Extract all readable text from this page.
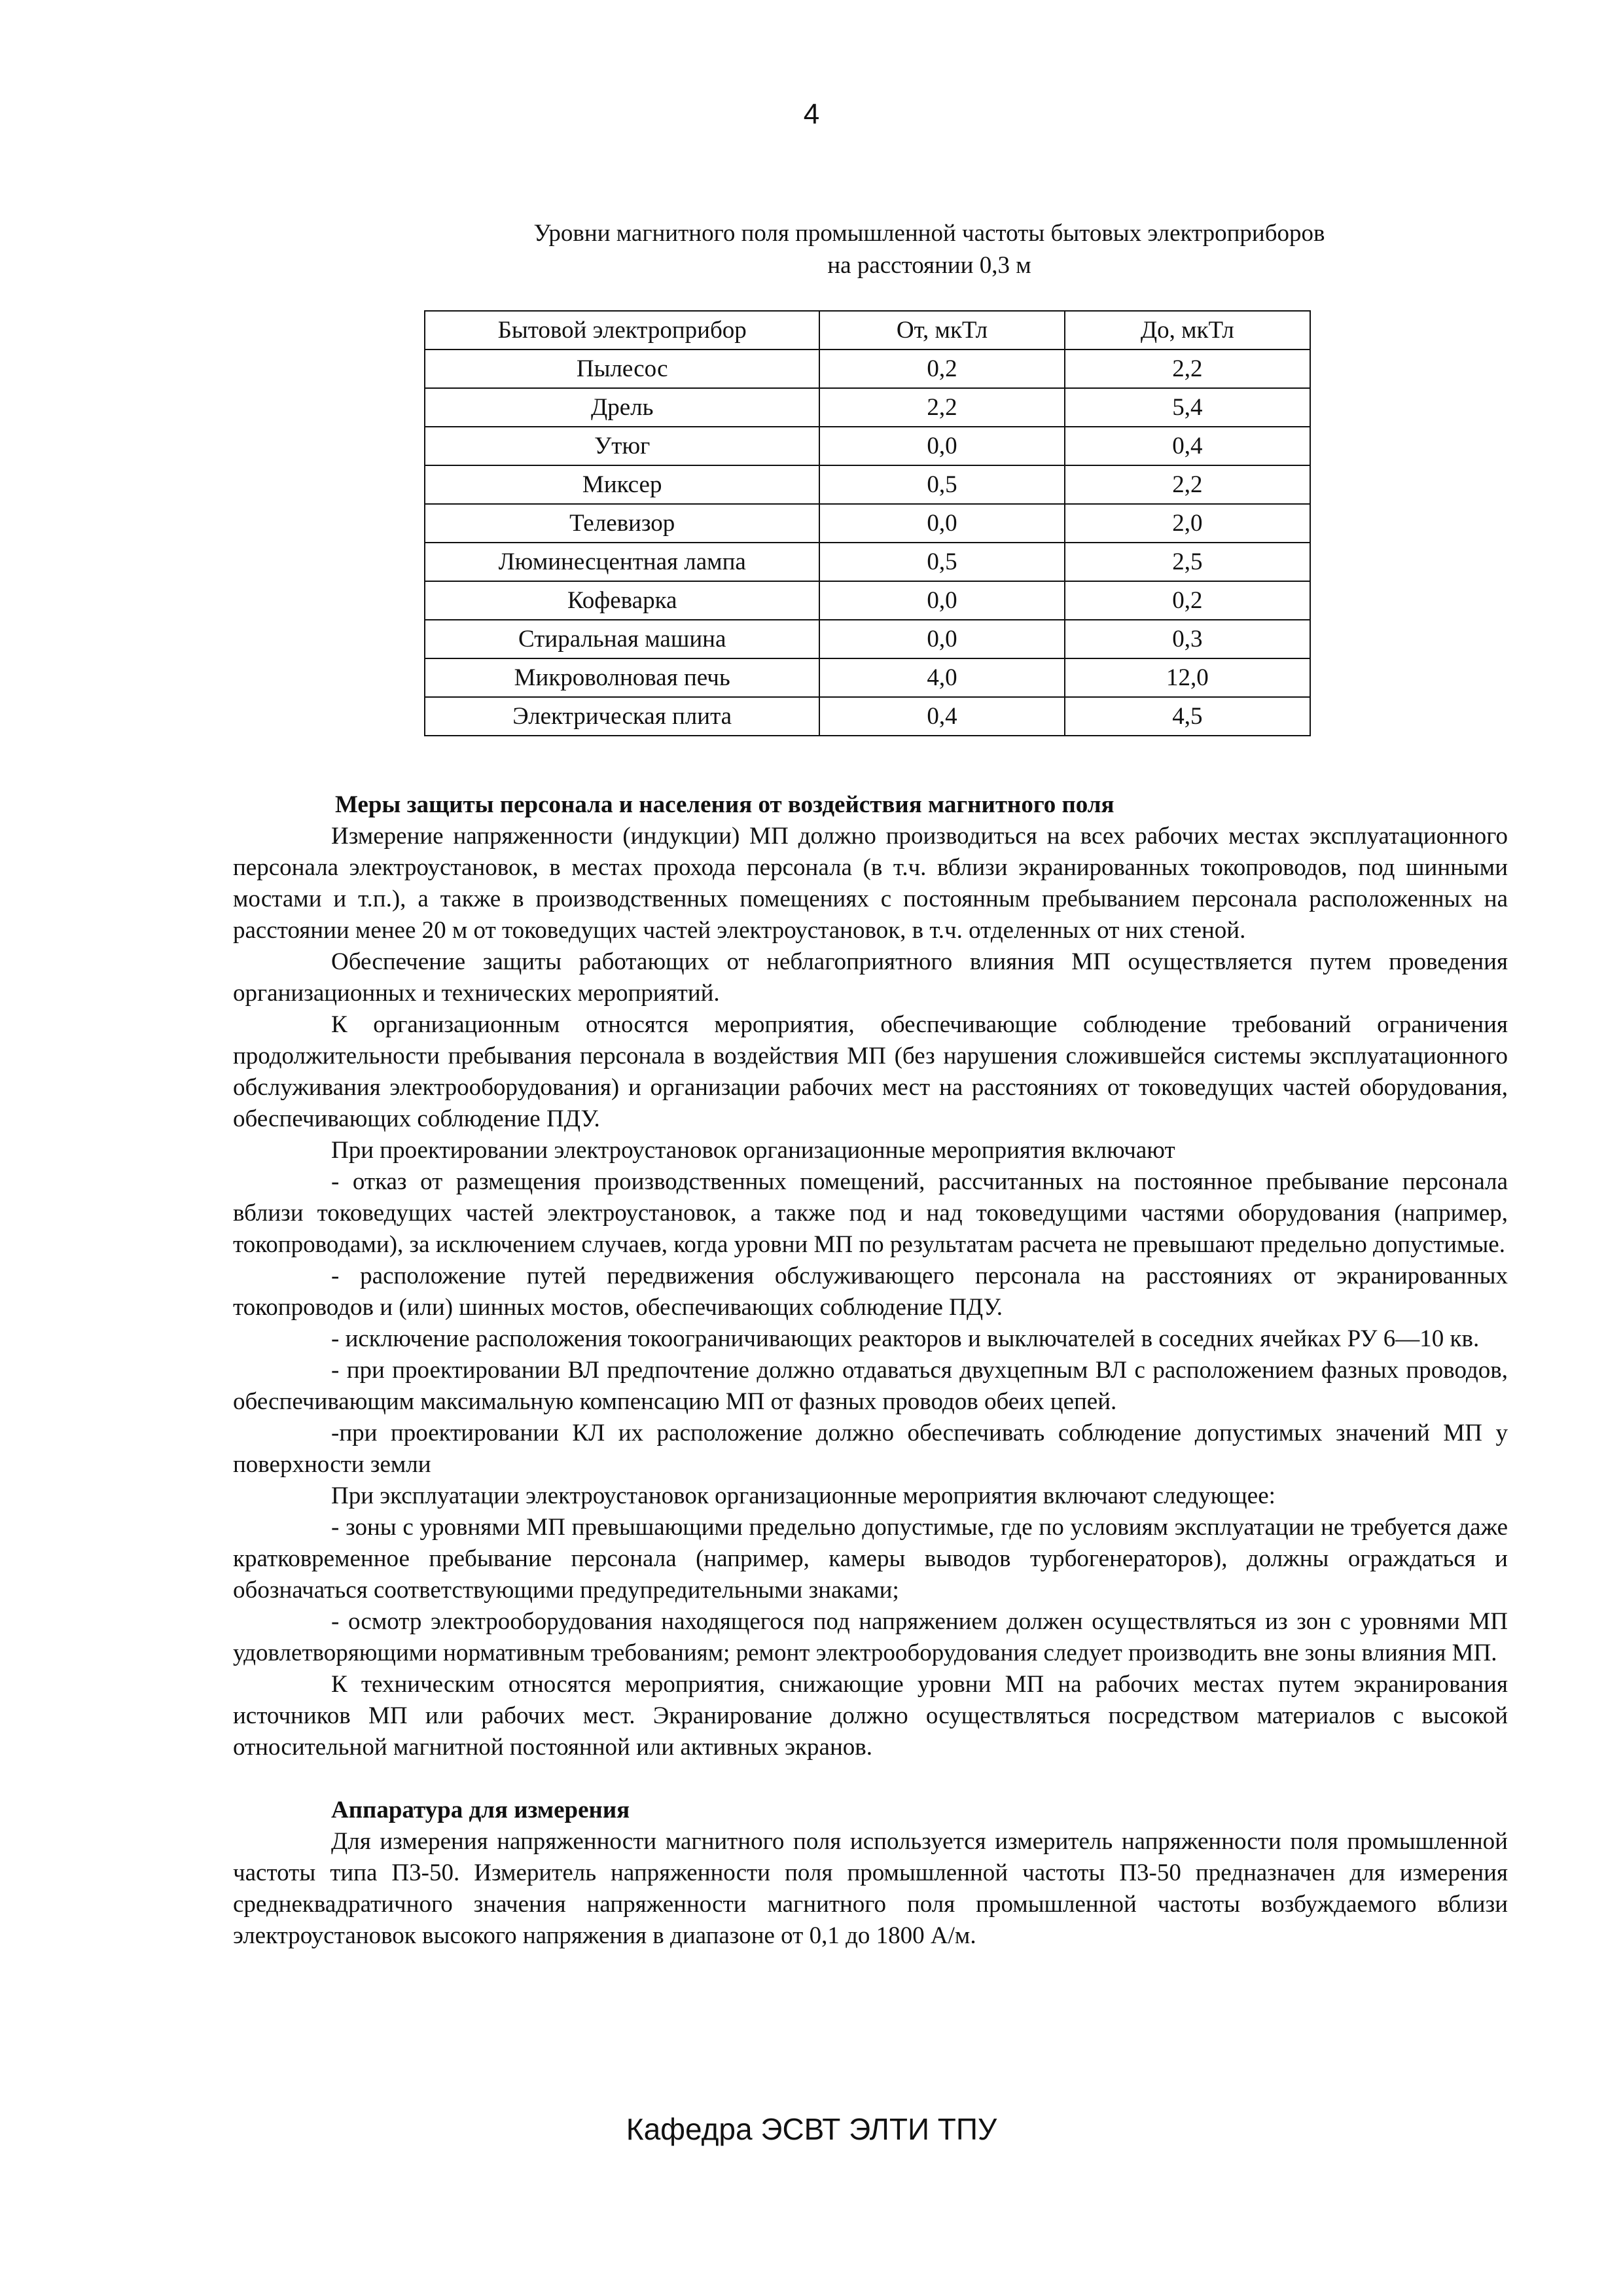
4
Уровни магнитного поля промышленной частоты бытовых электроприборов
на расстоянии 0,3 м
Бытовой электроприбор	От, мкТл	До, мкТл
Пылесос	0,2	2,2
Дрель	2,2	5,4
Утюг	0,0	0,4
Миксер	0,5	2,2
Телевизор	0,0	2,0
Люминесцентная лампа	0,5	2,5
Кофеварка	0,0	0,2
Стиральная машина	0,0	0,3
Микроволновая печь	4,0	12,0
Электрическая плита	0,4	4,5
Меры защиты персонала и населения от воздействия магнитного поля

Измерение напряженности (индукции) МП должно производиться на всех рабочих местах эксплуатационного персонала электроустановок, в местах прохода персонала (в т.ч. вблизи экранированных токопроводов, под шинными мостами и т.п.), а также в производственных помещениях с постоянным пребыванием персонала расположенных на расстоянии менее 20 м от токоведущих частей электроустановок, в т.ч. отделенных от них стеной.

Обеспечение защиты работающих от неблагоприятного влияния МП осуществляется путем проведения организационных и технических мероприятий.

К организационным относятся мероприятия, обеспечивающие соблюдение требований ограничения продолжительности пребывания персонала в воздействия МП (без нарушения сложившейся системы эксплуатационного обслуживания электрооборудования) и организации рабочих мест на расстояниях от токоведущих частей оборудования, обеспечивающих соблюдение ПДУ.

При проектировании электроустановок организационные мероприятия включают

- отказ от размещения производственных помещений, рассчитанных на постоянное пребывание персонала вблизи токоведущих частей электроустановок, а также под и над токоведущими частями оборудования (например, токопроводами), за исключением случаев, когда уровни МП по результатам расчета не превышают предельно допустимые.

- расположение путей передвижения обслуживающего персонала на расстояниях от экранированных токопроводов и (или) шинных мостов, обеспечивающих соблюдение ПДУ.

- исключение расположения токоограничивающих реакторов и выключателей в соседних ячейках РУ 6—10 кв.

- при проектировании ВЛ предпочтение должно отдаваться двухцепным ВЛ с расположением фазных проводов, обеспечивающим максимальную компенсацию МП от фазных проводов обеих цепей.

-при проектировании КЛ их расположение должно обеспечивать соблюдение допустимых значений МП у поверхности земли

При эксплуатации электроустановок организационные мероприятия включают следующее:

- зоны с уровнями МП превышающими предельно допустимые, где по условиям эксплуатации не требуется даже кратковременное пребывание персонала (например, камеры выводов турбогенераторов), должны ограждаться и обозначаться соответствующими предупредительными знаками;

- осмотр электрооборудования находящегося под напряжением должен осуществляться из зон с уровнями МП удовлетворяющими нормативным требованиям; ремонт электрооборудования следует производить вне зоны влияния МП.

К техническим относятся мероприятия, снижающие уровни МП на рабочих местах путем экранирования источников МП или рабочих мест. Экранирование должно осуществляться посредством материалов с высокой относительной магнитной постоянной или активных экранов.

Аппаратура для измерения

Для измерения напряженности магнитного поля используется измеритель напряженности поля промышленной частоты типа П3-50. Измеритель напряженности поля промышленной частоты П3-50 предназначен для измерения среднеквадратичного значения напряженности магнитного поля промышленной частоты возбуждаемого вблизи электроустановок высокого напряжения в диапазоне от 0,1 до 1800 А/м.

Кафедра ЭСВТ ЭЛТИ ТПУ
